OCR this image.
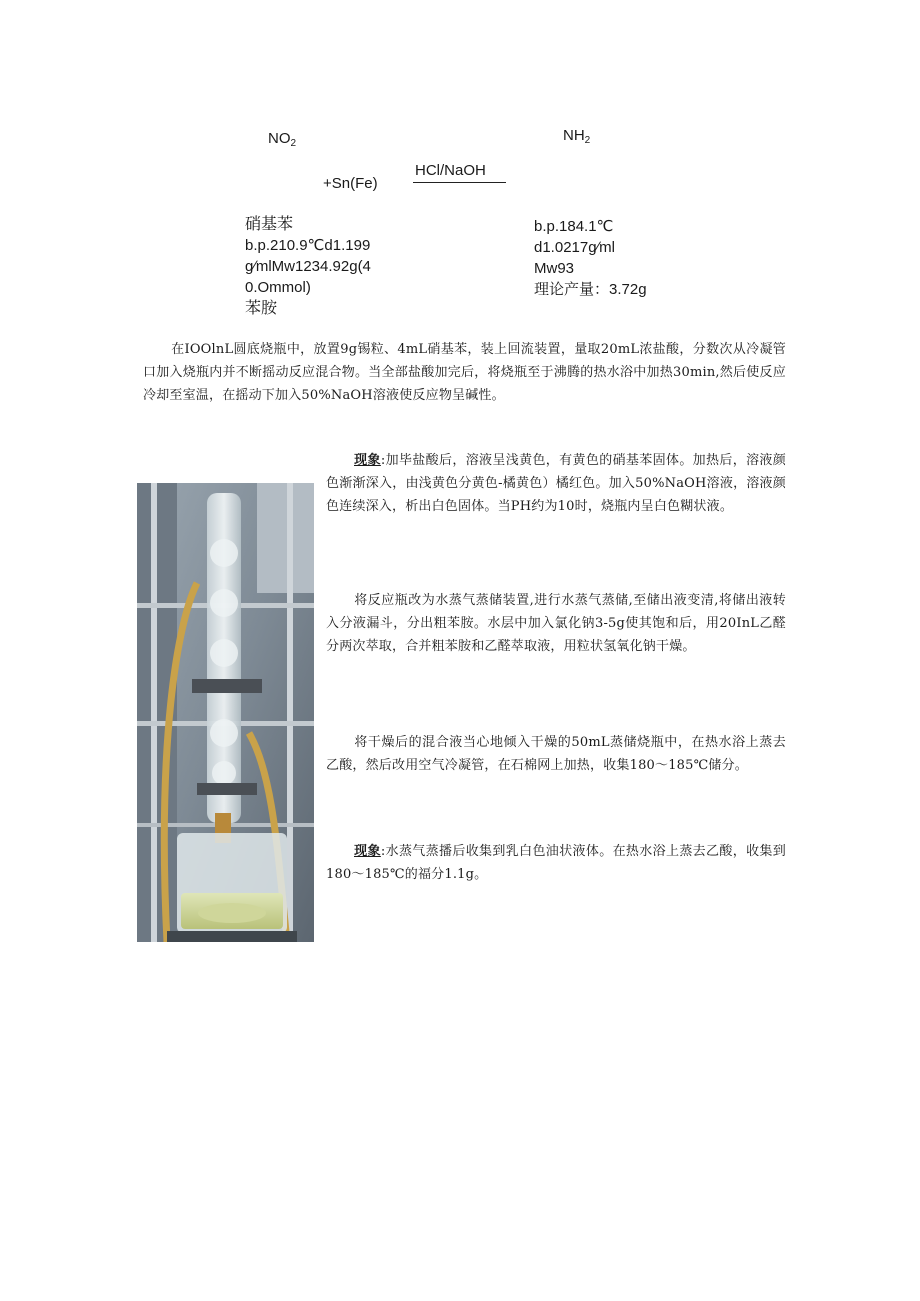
$NO_2$	$NH_2$
HCl/NaOH
+Sn(Fe)
硝基苯
b.p.210.9℃d1.199
g∕mlMw1234.92g(4
0.Ommol)
苯胺
b.p.184.1℃
d1.0217g∕ml
Mw93
理论产量：3.72g
在IOOlnL圆底烧瓶中，放置9g锡粒、4mL硝基苯，装上回流装置，量取20mL浓盐酸，分数次从冷凝管口加入烧瓶内并不断摇动反应混合物。当全部盐酸加完后，将烧瓶至于沸腾的热水浴中加热30min,然后使反应冷却至室温，在摇动下加入50%NaOH溶液使反应物呈碱性。
现象:加毕盐酸后，溶液呈浅黄色，有黄色的硝基苯固体。加热后，溶液颜色渐渐深入，由浅黄色分黄色-橘黄色）橘红色。加入50%NaOH溶液，溶液颜色连续深入，析出白色固体。当PH约为10时，烧瓶内呈白色糊状液。
将反应瓶改为水蒸气蒸储装置,进行水蒸气蒸储,至储出液变清,将储出液转入分液漏斗，分出粗苯胺。水层中加入氯化钠3-5g使其饱和后，用20InL乙醛分两次萃取，合并粗苯胺和乙醛萃取液，用粒状氢氧化钠干燥。
将干燥后的混合液当心地倾入干燥的50mL蒸储烧瓶中，在热水浴上蒸去乙酸，然后改用空气冷凝管，在石棉网上加热，收集180～185℃储分。
现象:水蒸气蒸播后收集到乳白色油状液体。在热水浴上蒸去乙酸，收集到180～185℃的福分1.1g。
